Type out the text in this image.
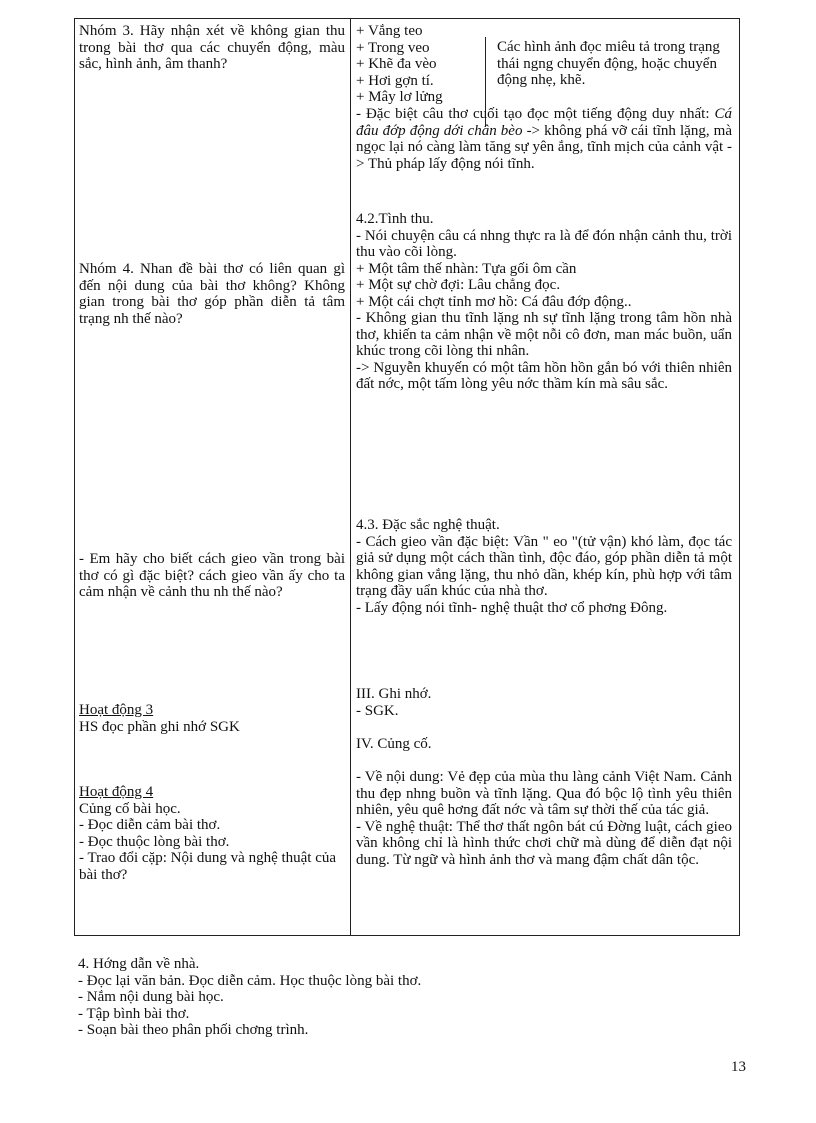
Nhóm 3. Hãy nhận xét về không gian thu trong bài thơ qua các chuyển động, màu sắc, hình ảnh, âm thanh?
Nhóm 4. Nhan đề bài thơ có liên quan gì đến nội dung của bài thơ không? Không gian trong bài thơ góp phần diễn tả tâm trạng nh thế nào?
- Em hãy cho biết cách gieo vần trong bài thơ có gì đặc biệt? cách gieo vần ấy cho ta cảm nhận về cảnh thu nh thế nào?
Hoạt động 3
HS đọc phần ghi nhớ SGK
Hoạt động 4
Củng cố bài học.
- Đọc diễn cảm bài thơ.
- Đọc thuộc lòng bài thơ.
- Trao đổi cặp: Nội dung và nghệ thuật của bài thơ?
+ Vắng teo
+ Trong veo
+ Khẽ đa vèo
+ Hơi gợn tí.
+ Mây lơ lửng
Các hình ảnh đọc miêu tả trong trạng thái ngng chuyển động, hoặc chuyển động nhẹ, khẽ.
- Đặc biệt câu thơ cuối tạo đọc một tiếng động duy nhất: Cá đâu đớp động dới chân bèo -> không phá vỡ cái tĩnh lặng, mà ngọc lại nó càng làm tăng sự yên ắng, tĩnh mịch của cảnh vật -> Thủ pháp lấy động nói tĩnh.
4.2.Tình thu.
- Nói chuyện câu cá nhng thực ra là để đón nhận cảnh thu, trời thu vào cõi lòng.
+ Một tâm thế nhàn: Tựa gối ôm cần
+ Một sự chờ đợi: Lâu chẳng đọc.
+ Một cái chợt tỉnh mơ hồ: Cá đâu đớp động..
- Không gian thu tĩnh lặng nh sự tĩnh lặng trong tâm hồn nhà thơ, khiến ta cảm nhận về một nỗi cô đơn, man mác buồn, uẩn khúc trong cõi lòng thi nhân.
-> Nguyễn khuyến có một tâm hồn hồn gắn bó với thiên nhiên đất nớc, một tấm lòng yêu nớc thầm kín mà sâu sắc.
4.3. Đặc sắc nghệ thuật.
- Cách gieo vần đặc biệt: Vần " eo "(tử vận) khó làm, đọc tác giả sử dụng một cách thần tình, độc đáo, góp phần diễn tả một không gian vắng lặng, thu nhỏ dần, khép kín, phù hợp với tâm trạng đầy uẩn khúc của nhà thơ.
- Lấy động nói tĩnh- nghệ thuật thơ cổ phơng Đông.
III. Ghi nhớ.
- SGK.
IV. Củng cố.
- Về nội dung: Vẻ đẹp của mùa thu làng cảnh Việt Nam. Cảnh thu đẹp nhng buồn và tĩnh lặng. Qua đó bộc lộ tình yêu thiên nhiên, yêu quê hơng đất nớc và tâm sự thời thế của tác giả.
- Về nghệ thuật: Thể thơ thất ngôn bát cú Đờng luật, cách gieo vần không chỉ là hình thức chơi chữ mà dùng để diễn đạt nội dung. Từ ngữ và hình ảnh thơ và mang đậm chất dân tộc.
4. Hớng dẫn về nhà.
- Đọc lại văn bản. Đọc diễn cảm. Học thuộc lòng bài thơ.
- Nắm nội dung bài học.
- Tập bình bài thơ.
- Soạn bài theo phân phối chơng trình.
13
